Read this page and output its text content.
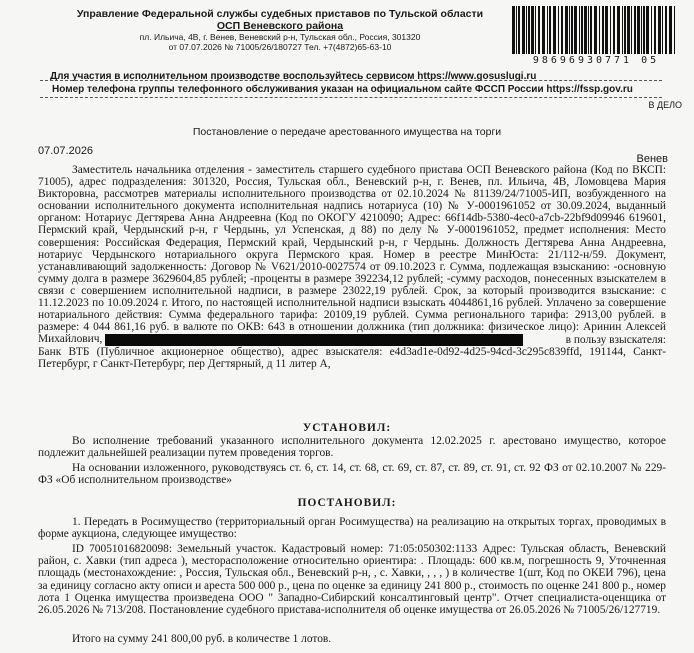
Управление Федеральной службы судебных приставов по Тульской области
ОСП Веневского района
пл. Ильича, 4В, г. Венев, Веневский р-н, Тульская обл., Россия, 301320
от 07.07.2026 № 71005/26/180727 Тел. +7(4872)65-63-10
98696930771 05
Для участия в исполнительном производстве воспользуйтесь сервисом https://www.gosuslugi.ru
Номер телефона группы телефонного обслуживания указан на официальном сайте ФССП России https://fssp.gov.ru
В ДЕЛО
Постановление о передаче арестованного имущества на торги
07.07.2026
Венев

Заместитель начальника отделения - заместитель старшего судебного пристава ОСП Веневского района (Код по ВКСП: 71005), адрес подразделения: 301320, Россия, Тульская обл., Веневский р-н, г. Венев, пл. Ильича, 4В, Ломовцева Мария Викторовна, рассмотрев материалы исполнительного производства от 02.10.2024 № 81139/24/71005-ИП, возбужденного на основании исполнительного документа исполнительная надпись нотариуса (10) № У-0001961052 от 30.09.2024, выданный органом: Нотариус Дегтярева Анна Андреевна (Код по ОКОГУ 4210090; Адрес: 66f14db-5380-4ec0-a7cb-22bf9d09946 619601, Пермский край, Чердынский р-н, г Чердынь, ул Успенская, д 88) по делу № У-0001961052, предмет исполнения: Место совершения: Российская Федерация, Пермский край, Чердынский р-н, г Чердынь. Должность Дегтярева Анна Андреевна, нотариус Чердынского нотариального округа Пермского края. Номер в реестре МинЮста: 21/112-н/59. Документ, устанавливающий задолженность: Договор № V621/2010-0027574 от 09.10.2023 г. Сумма, подлежащая взысканию: -основную сумму долга в размере 3629604,85 рублей; -проценты в размере 392234,12 рублей; -сумму расходов, понесенных взыскателем в связи с совершением исполнительной надписи, в размере 23022,19 рублей. Срок, за который производится взыскание: с 11.12.2023 по 10.09.2024 г. Итого, по настоящей исполнительной надписи взыскать 4044861,16 рублей. Уплачено за совершение нотариального действия: Сумма федерального тарифа: 20109,19 рублей. Сумма регионального тарифа: 2913,00 рублей. в размере: 4 044 861,16 руб. в валюте по ОКВ: 643 в отношении должника (тип должника: физическое лицо): Аринин Алексей Михайлович,	в пользу взыскателя:

Банк ВТБ (Публичное акционерное общество), адрес взыскателя: e4d3ad1e-0d92-4d25-94cd-3c295c839ffd, 191144, Санкт-Петербург, г Санкт-Петербург, пер Дегтярный, д 11 литер А,

УСТАНОВИЛ:

Во исполнение требований указанного исполнительного документа 12.02.2025 г. арестовано имущество, которое подлежит дальнейшей реализации путем проведения торгов.

На основании изложенного, руководствуясь ст. 6, ст. 14, ст. 68, ст. 69, ст. 87, ст. 89, ст. 91, ст. 92 ФЗ от 02.10.2007 № 229-ФЗ «Об исполнительном производстве»

ПОСТАНОВИЛ:

1. Передать в Росимущество (территориальный орган Росимущества) на реализацию на открытых торгах, проводимых в форме аукциона, следующее имущество:

ID 70051016820098: Земельный участок. Кадастровый номер: 71:05:050302:1133 Адрес: Тульская область, Веневский район, с. Хавки (тип адреса ), месторасположение относительно ориентира: . Площадь: 600 кв.м, погрешность 9, Уточненная площадь (местонахождение: , Россия, Тульская обл., Веневский р-н, , с. Хавки, , , , ) в количестве 1(шт, Код по ОКЕИ 796), цена за единицу согласно акту описи и ареста 500 000 р., цена по оценке за единицу 241 800 р., стоимость по оценке 241 800 р., номер лота 1 Оценка имущества произведена ООО " Западно-Сибирский консалтинговый центр". Отчет специалиста-оценщика от 26.05.2026 № 713/208. Постановление судебного пристава-исполнителя об оценке имущества от 26.05.2026 № 71005/26/127719.

Итого на сумму 241 800,00 руб. в количестве 1 лотов.
